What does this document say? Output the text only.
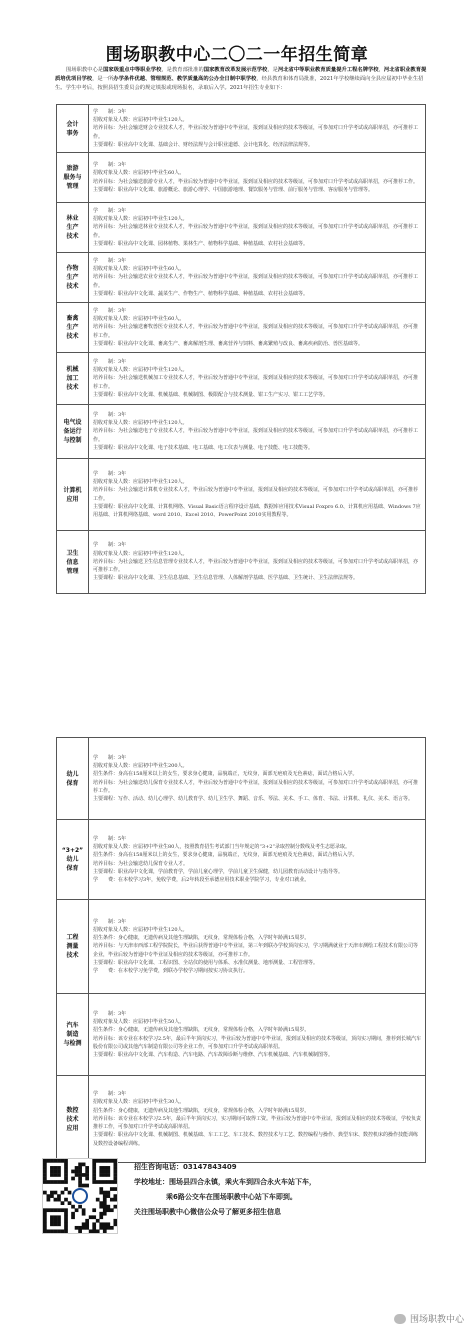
围场职教中心二〇二一年招生简章
围场职教中心是国家级重点中等职业学校，是教育部批准的国家教育改革发展示范学校，是河北省中等职业教育质量提升工程名牌学校，河北省职业教育提质培优项目学校，是一所办学条件优越、管理规范、教学质量高的公办全日制中职学校，经县教育和体育局批准，2021年学校继续面向全县应届初中毕业生招生。学生中考后，按照县招生委员会的规定填报或现场报名，录取后入学。2021年招生专业如下：
会计
事务
学　　制：3年
招收对象及人数：应届初中毕业生120人。
培养目标：为社会输送财会专业技术人才，毕业后较为普通中专毕业证，报到证及相应的技术等级证，可参加对口升学考试或高职单招，亦可推荐工作。
主要课程：职业高中文化课、基础会计、财经法规与会计职业道德、会计电算化、经济法律法规等。
旅游
服务与
管理
学　　制：3年
招收对象及人数：应届初中毕业生60人。
培养目标：为社会输送旅游专业人才，毕业后较为普通中专毕业证，报到证及相应的技术等级证，可参加对口升学考试或高职单招，亦可推荐工作。
主要课程：职业高中文化课、旅游概论、旅游心理学、中国旅游地理、餐饮服务与管理、前厅服务与管理、客房服务与管理等。
林业
生产
技术
学　　制：3年
招收对象及人数：应届初中毕业生120人。
培养目标：为社会输送林业专业技术人才，毕业后较为普通中专毕业证，报到证及相应的技术等级证，可参加对口升学考试或高职单招，亦可推荐工作。
主要课程：职业高中文化课、园林植物、果林生产、植物科学基础、种植基础、农村社会基础等。
作物
生产
技术
学　　制：3年
招收对象及人数：应届初中毕业生60人。
培养目标：为社会输送农业专业技术人才，毕业后较为普通中专毕业证，报到证及相应的技术等级证，可参加对口升学考试或高职单招，亦可推荐工作。
主要课程：职业高中文化课、蔬菜生产、作物生产、植物科学基础、种植基础、农村社会基础等。
畜禽
生产
技术
学　　制：3年
招收对象及人数：应届初中毕业生60人。
培养目标：为社会输送畜牧兽医专业技术人才，毕业后较为普通中专毕业证，报到证及相应的技术等级证，可参加对口升学考试或高职单招，亦可推荐工作。
主要课程：职业高中文化课、畜禽生产、畜禽解剖生理、畜禽营养与饲料、畜禽繁殖与改良、畜禽疾病防治、兽医基础等。
机械
加工
技术
学　　制：3年
招收对象及人数：应届初中毕业生120人。
培养目标：为社会输送机械加工专业技术人才，毕业后较为普通中专毕业证，报到证及相应的技术等级证，可参加对口升学考试或高职单招，亦可推荐工作。
主要课程：职业高中文化课、机械基础、机械制图、极限配合与技术测量、钳工生产实习、钳工工艺学等。
电气设
备运行
与控制
学　　制：3年
招收对象及人数：应届初中毕业生120人。
培养目标：为社会输送电子专业技术人才，毕业后较为普通中专毕业证，报到证及相应的技术等级证，可参加对口升学考试或高职单招，亦可推荐工作。
主要课程：职业高中文化课、电子技术基础、电工基础、电工仪表与测量、电子技能、电工技能等。
计算机
应用
学　　制：3年
招收对象及人数：应届初中毕业生120人。
培养目标：为社会输送计算机专业技术人才，毕业后较为普通中专毕业证，报到证及相应的技术等级证，可参加对口升学考试或高职单招，亦可推荐工作。
主要课程：职业高中文化课、计算机网络、Visual Basic语言程序设计基础、数据库应用技术Visual Foxpro 6.0、计算机应用基础、Windows 7应用基础、计算机网络基础、word 2010、Excel 2010、PowerPoint 2010实用教程等。
卫生
信息
管理
学　　制：3年
招收对象及人数：应届初中毕业生120人。
培养目标：为社会输送卫生信息管理专业技术人才，毕业后较为普通中专毕业证，报到证及相应的技术等级证，可参加对口升学考试或高职单招，亦可推荐工作。
主要课程：职业高中文化课、卫生信息基础、卫生信息管理、人体解剖学基础、医学基础、卫生统计、卫生法律法规等。
幼儿
保育
学　　制：3年
招收对象及人数：应届初中毕业生200人。
招生条件：身高在158厘米以上的女生，要求身心健康，品貌端正，无纹身，面部无疤痕及无色素痣，面试合格后入学。
培养目标：为社会输送幼儿保育专业技术人才，毕业后较为普通中专毕业证，报到证及相应的技术等级证，可参加对口升学考试或高职单招，亦可推荐工作。
主要课程：写作、活动、幼儿心理学、幼儿教育学、幼儿卫生学、舞蹈、音乐、琴法、美术、手工、体育、书法、计算机、礼仪、美术、语言等。
“3+2”
幼儿
保育
学　　制：5年
招收对象及人数：应届初中毕业生80人，按照教育招生考试部门当年规定的“3+2”录取控制分数线及考生志愿录取。
招生条件：身高在158厘米以上的女生，要求身心健康，品貌端正，无纹身，面部无疤痕及无色素痣，面试合格后入学。
培养目标：为社会输送幼儿保育专业人才。
主要课程：职业高中文化课，学前教育学，学前儿童心理学，学前儿童卫生保健，幼儿园教育活动设计与指导等。
学　　费：在本校学习3年，免收学费，后2年转段至承德应用技术职业学院学习，专业对口就业。
工程
测量
技术
学　　制：3年
招收对象及人数：应届初中毕业生120人。
招生条件：身心健康，无遗传病及其他生理缺陷，无纹身，常规体检合格，入学时年龄满15周岁。
培养目标：与天津市西部工程学院院长，毕业后获得普通中专毕业证，第三年到联办学校顶岗实习，学习期满就业于天津市测绘工程技术有限公司等企业，毕业后较为普通中专毕业证及相应的技术等级证，亦可推荐工作。
主要课程：职业高中文化课、工程识图、全站仪的使用与体系、水准仪测量、地形测量、工程管理等。
学　　费：在本校学习免学费，到联办学校学习期间按实习协议执行。
汽车
制造
与检测
学　　制：3年
招收对象及人数：应届初中毕业生50人。
招生条件：身心健康，无遗传病及其他生理缺陷，无纹身，常规体检合格，入学时年龄满15周岁。
培养目标：该专业在本校学习2.5年，最后半年顶岗实习，毕业后较为普通中专毕业证，报到证及相应的技术等级证，顶岗实习期间，推荐到长城汽车股份有限公司或其他汽车制造有限公司等企业工作，可参加对口升学考试或高职单招。
主要课程：职业高中文化课、汽车构造、汽车电路、汽车故障诊断与维修、汽车机械基础、汽车机械制图等。
数控
技术
应用
学　　制：3年
招收对象及人数：应届初中毕业生30人。
招生条件：身心健康，无遗传病及其他生理缺陷，无纹身，常规体检合格，入学时年龄满15周岁。
培养目标：该专业在本校学习2.5年，最后半年顶岗实习，实习期间可取得工资。毕业后较为普通中专毕业证，报到证及相应的技术等级证，学校负责推荐工作，可参加对口升学考试或高职单招。
主要课程：职业高中文化课、机械制图、机械基础、车工工艺、车工技术、数控技术与工艺、数控编程与操作、典型车床、数控机床的操作技能训练及数控设备编程训练。
招生咨询电话：03147843409
学校地址：围场县四合永镇，乘火车到四合永火车站下车，
乘6路公交车在围场职教中心站下车即到。
关注围场职教中心微信公众号了解更多招生信息
围场职教中心
